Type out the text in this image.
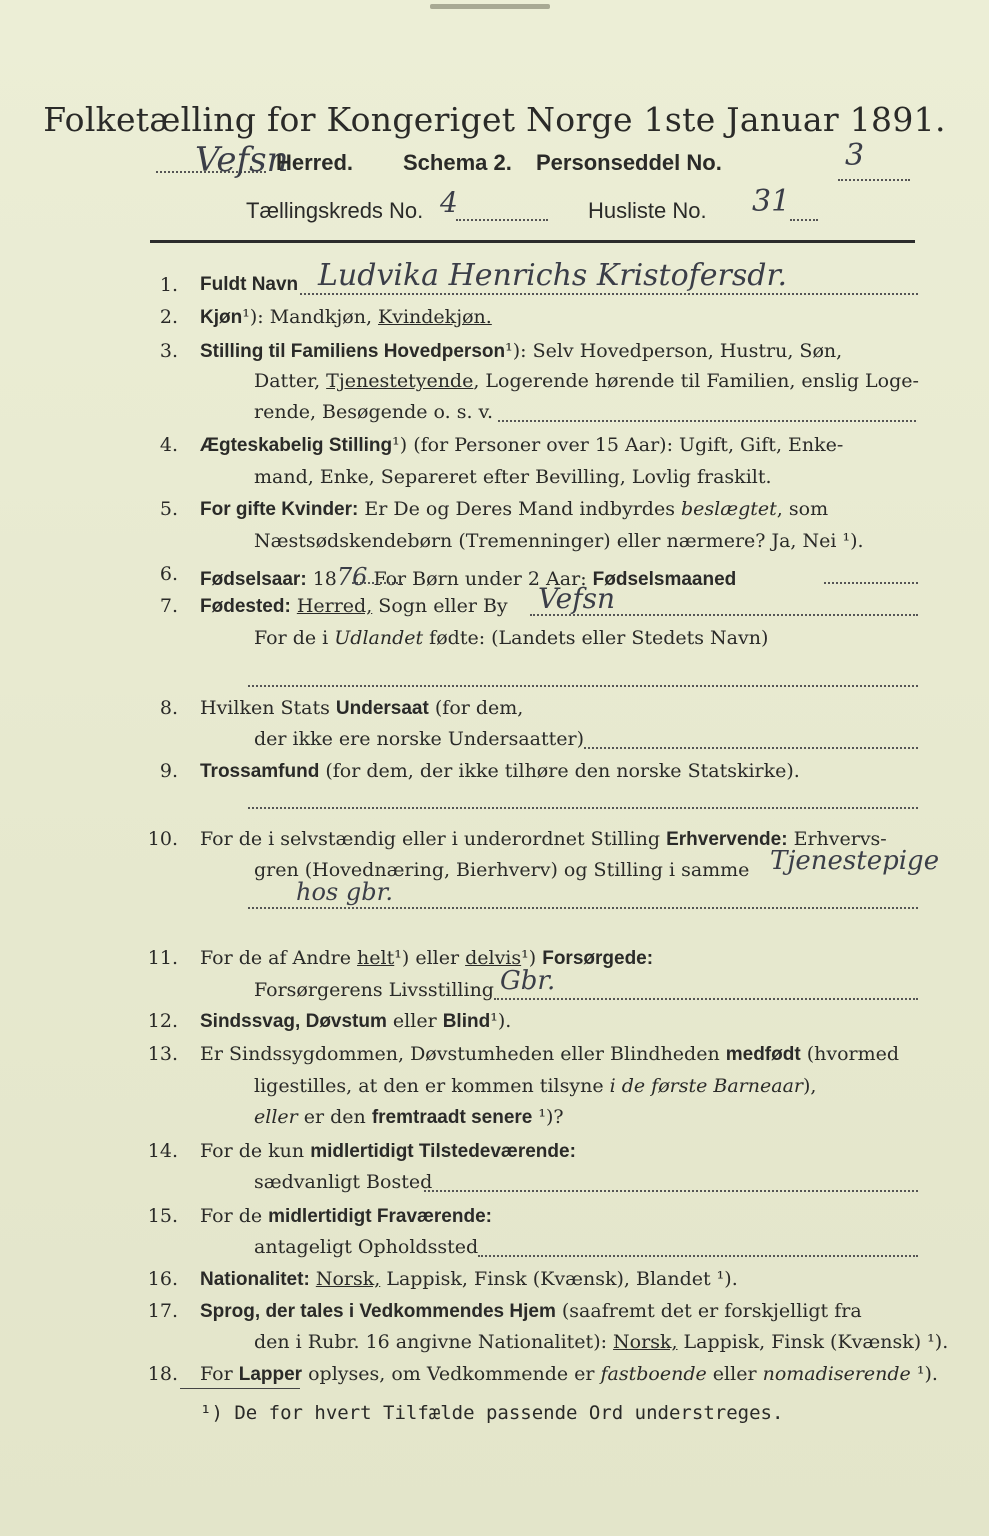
Folketælling for Kongeriget Norge 1ste Januar 1891.
Vefsn
Herred. Schema 2. Personseddel No.	3
Tællingskreds No. 4	Husliste No. 31
1. Fuldt Navn Ludvika Henrichs Kristofersdr.
2. Kjøn¹): Mandkjøn, Kvindekjøn.
3. Stilling til Familiens Hovedperson¹): Selv Hovedperson, Hustru, Søn,
Datter, Tjenestetyende, Logerende hørende til Familien, enslig Loge-
rende, Besøgende o. s. v.
4. Ægteskabelig Stilling¹) (for Personer over 15 Aar): Ugift, Gift, Enke-
mand, Enke, Separeret efter Bevilling, Lovlig fraskilt.
5. For gifte Kvinder: Er De og Deres Mand indbyrdes beslægtet, som
Næstsødskendebørn (Tremenninger) eller nærmere? Ja, Nei ¹).
6. Fødselsaar: 1876 For Børn under 2 Aar: Fødselsmaaned
7. Fødested: Herred, Sogn eller By Vefsn
For de i Udlandet fødte: (Landets eller Stedets Navn)
8. Hvilken Stats Undersaat (for dem,
der ikke ere norske Undersaatter)
9. Trossamfund (for dem, der ikke tilhøre den norske Statskirke).
10. For de i selvstændig eller i underordnet Stilling Erhvervende: Erhvervs-
gren (Hovednæring, Bierhverv) og Stilling i samme Tjenestepige
hos gbr.
11. For de af Andre helt¹) eller delvis¹) Forsørgede:
Forsørgerens Livsstilling Gbr.
12. Sindssvag, Døvstum eller Blind¹).
13. Er Sindssygdommen, Døvstumheden eller Blindheden medfødt (hvormed
ligestilles, at den er kommen tilsyne i de første Barneaar),
eller er den fremtraadt senere ¹)?
14. For de kun midlertidigt Tilstedeværende:
sædvanligt Bosted
15. For de midlertidigt Fraværende:
antageligt Opholdssted
16. Nationalitet: Norsk, Lappisk, Finsk (Kvænsk), Blandet ¹).
17. Sprog, der tales i Vedkommendes Hjem (saafremt det er forskjelligt fra
den i Rubr. 16 angivne Nationalitet): Norsk, Lappisk, Finsk (Kvænsk) ¹).
18. For Lapper oplyses, om Vedkommende er fastboende eller nomadiserende ¹).
¹) De for hvert Tilfælde passende Ord understreges.
